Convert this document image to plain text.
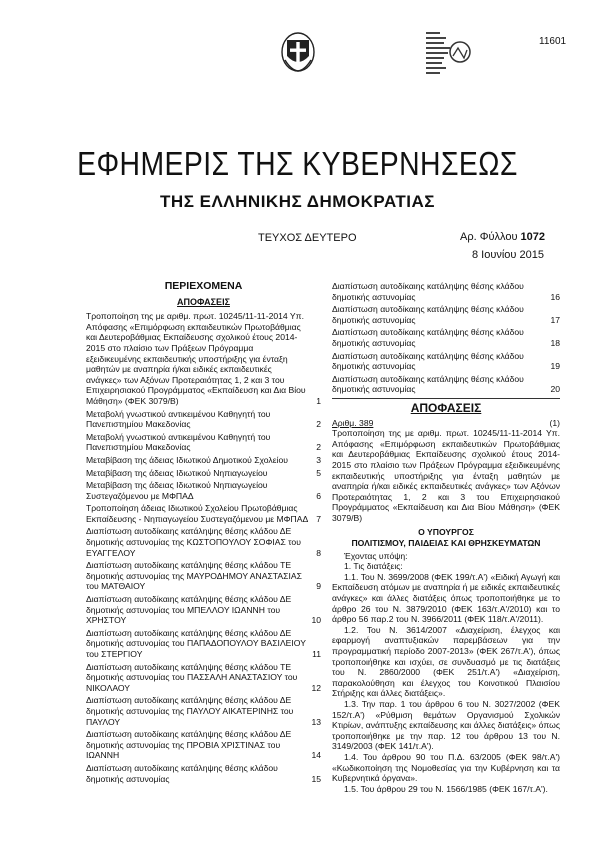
11601
ΕΦΗΜΕΡΙΣ ΤΗΣ ΚΥΒΕΡΝΗΣΕΩΣ
ΤΗΣ ΕΛΛΗΝΙΚΗΣ ΔΗΜΟΚΡΑΤΙΑΣ
ΤΕΥΧΟΣ ΔΕΥΤΕΡΟ	Αρ. Φύλλου 1072
8 Ιουνίου 2015
ΠΕΡΙΕΧΟΜΕΝΑ
ΑΠΟΦΑΣΕΙΣ
Τροποποίηση της με αριθμ. πρωτ. 10245/11-11-2014 Υπ. Απόφασης «Επιμόρφωση εκπαιδευτικών Πρωτοβάθμιας και Δευτεροβάθμιας Εκπαίδευσης σχολικού έτους 2014-2015 στο πλαίσιο των Πράξεων Πρόγραμμα εξειδικευμένης εκπαιδευτικής υποστήριξης για ένταξη μαθητών με αναπηρία ή/και ειδικές εκπαιδευτικές ανάγκες» των Αξόνων Προτεραιότητας 1, 2 και 3 του Επιχειρησιακού Προγράμματος «Εκπαίδευση και Δια Βίου Μάθηση» (ΦΕΚ 3079/Β)	1
Μεταβολή γνωστικού αντικειμένου Καθηγητή του Πανεπιστημίου Μακεδονίας	2
Μεταβολή γνωστικού αντικειμένου Καθηγητή του Πανεπιστημίου Μακεδονίας	2
Μεταβίβαση της άδειας Ιδιωτικού Δημοτικού Σχολείου	3
Μεταβίβαση της άδειας Ιδιωτικού Νηπιαγωγείου	5
Μεταβίβαση της άδειας Ιδιωτικού Νηπιαγωγείου Συστεγαζόμενου με ΜΦΠΑΔ	6
Τροποποίηση άδειας Ιδιωτικού Σχολείου Πρωτοβάθμιας Εκπαίδευσης - Νηπιαγωγείου Συστεγαζόμενου με ΜΦΠΑΔ 7
Διαπίστωση αυτοδίκαιης κατάληψης θέσης κλάδου ΔΕ δημοτικής αστυνομίας της ΚΩΣΤΟΠΟΥΛΟΥ ΣΟΦΙΑΣ του ΕΥΑΓΓΕΛΟΥ	8
Διαπίστωση αυτοδίκαιης κατάληψης θέσης κλάδου ΤΕ δημοτικής αστυνομίας της ΜΑΥΡΟΔΗΜΟΥ ΑΝΑΣΤΑΣΙΑΣ του ΜΑΤΘΑΙΟΥ	9
Διαπίστωση αυτοδίκαιης κατάληψης θέσης κλάδου ΔΕ δημοτικής αστυνομίας του ΜΠΕΛΛΟΥ ΙΩΑΝΝΗ του ΧΡΗΣΤΟΥ	10
Διαπίστωση αυτοδίκαιης κατάληψης θέσης κλάδου ΔΕ δημοτικής αστυνομίας του ΠΑΠΑΔΟΠΟΥΛΟΥ ΒΑΣΙΛΕΙΟΥ του ΣΤΕΡΓΙΟΥ	11
Διαπίστωση αυτοδίκαιης κατάληψης θέσης κλάδου ΤΕ δημοτικής αστυνομίας του ΠΑΣΣΑΛΗ ΑΝΑΣΤΑΣΙΟΥ του ΝΙΚΟΛΑΟΥ	12
Διαπίστωση αυτοδίκαιης κατάληψης θέσης κλάδου ΔΕ δημοτικής αστυνομίας της ΠΑΥΛΟΥ ΑΙΚΑΤΕΡΙΝΗΣ του ΠΑΥΛΟΥ	13
Διαπίστωση αυτοδίκαιης κατάληψης θέσης κλάδου ΔΕ δημοτικής αστυνομίας της ΠΡΟΒΙΑ ΧΡΙΣΤΙΝΑΣ του ΙΩΑΝΝΗ	14
Διαπίστωση αυτοδίκαιης κατάληψης θέσης κλάδου δημοτικής αστυνομίας	15
Διαπίστωση αυτοδίκαιης κατάληψης θέσης κλάδου δημοτικής αστυνομίας	16
Διαπίστωση αυτοδίκαιης κατάληψης θέσης κλάδου δημοτικής αστυνομίας	17
Διαπίστωση αυτοδίκαιης κατάληψης θέσης κλάδου δημοτικής αστυνομίας	18
Διαπίστωση αυτοδίκαιης κατάληψης θέσης κλάδου δημοτικής αστυνομίας	19
Διαπίστωση αυτοδίκαιης κατάληψης θέσης κλάδου δημοτικής αστυνομίας	20
ΑΠΟΦΑΣΕΙΣ
Αριθμ. 389	(1)
Τροποποίηση της με αριθμ. πρωτ. 10245/11-11-2014 Υπ. Απόφασης «Επιμόρφωση εκπαιδευτικών Πρωτοβάθμιας και Δευτεροβάθμιας Εκπαίδευσης σχολικού έτους 2014-2015 στο πλαίσιο των Πράξεων Πρόγραμμα εξειδικευμένης εκπαιδευτικής υποστήριξης για ένταξη μαθητών με αναπηρία ή/και ειδικές εκπαιδευτικές ανάγκες» των Αξόνων Προτεραιότητας 1, 2 και 3 του Επιχειρησιακού Προγράμματος «Εκπαίδευση και Δια Βίου Μάθηση» (ΦΕΚ 3079/Β)
Ο ΥΠΟΥΡΓΟΣ
ΠΟΛΙΤΙΣΜΟΥ, ΠΑΙΔΕΙΑΣ ΚΑΙ ΘΡΗΣΚΕΥΜΑΤΩΝ
Έχοντας υπόψη:
1. Τις διατάξεις:
1.1. Του Ν. 3699/2008 (ΦΕΚ 199/τ.Α') «Ειδική Αγωγή και Εκπαίδευση ατόμων με αναπηρία ή με ειδικές εκπαιδευτικές ανάγκες» και άλλες διατάξεις όπως τροποποιήθηκε με το άρθρο 26 του Ν. 3879/2010 (ΦΕΚ 163/τ.Α'/2010) και το άρθρο 56 παρ.2 του Ν. 3966/2011 (ΦΕΚ 118/τ.Α'/2011).
1.2. Του Ν. 3614/2007 «Διαχείριση, έλεγχος και εφαρμογή αναπτυξιακών παρεμβάσεων για την προγραμματική περίοδο 2007-2013» (ΦΕΚ 267/τ.Α'), όπως τροποποιήθηκε και ισχύει, σε συνδυασμό με τις διατάξεις του Ν. 2860/2000 (ΦΕΚ 251/τ.Α') «Διαχείριση, παρακολούθηση και έλεγχος του Κοινοτικού Πλαισίου Στήριξης και άλλες διατάξεις».
1.3. Την παρ. 1 του άρθρου 6 του Ν. 3027/2002 (ΦΕΚ 152/τ.Α') «Ρύθμιση θεμάτων Οργανισμού Σχολικών Κτιρίων, ανάπτυξης εκπαίδευσης και άλλες διατάξεις» όπως τροποποιήθηκε με την παρ. 12 του άρθρου 13 του Ν. 3149/2003 (ΦΕΚ 141/τ.Α').
1.4. Του άρθρου 90 του Π.Δ. 63/2005 (ΦΕΚ 98/τ.Α') «Κωδικοποίηση της Νομοθεσίας για την Κυβέρνηση και τα Κυβερνητικά όργανα».
1.5. Του άρθρου 29 του Ν. 1566/1985 (ΦΕΚ 167/τ.Α').
